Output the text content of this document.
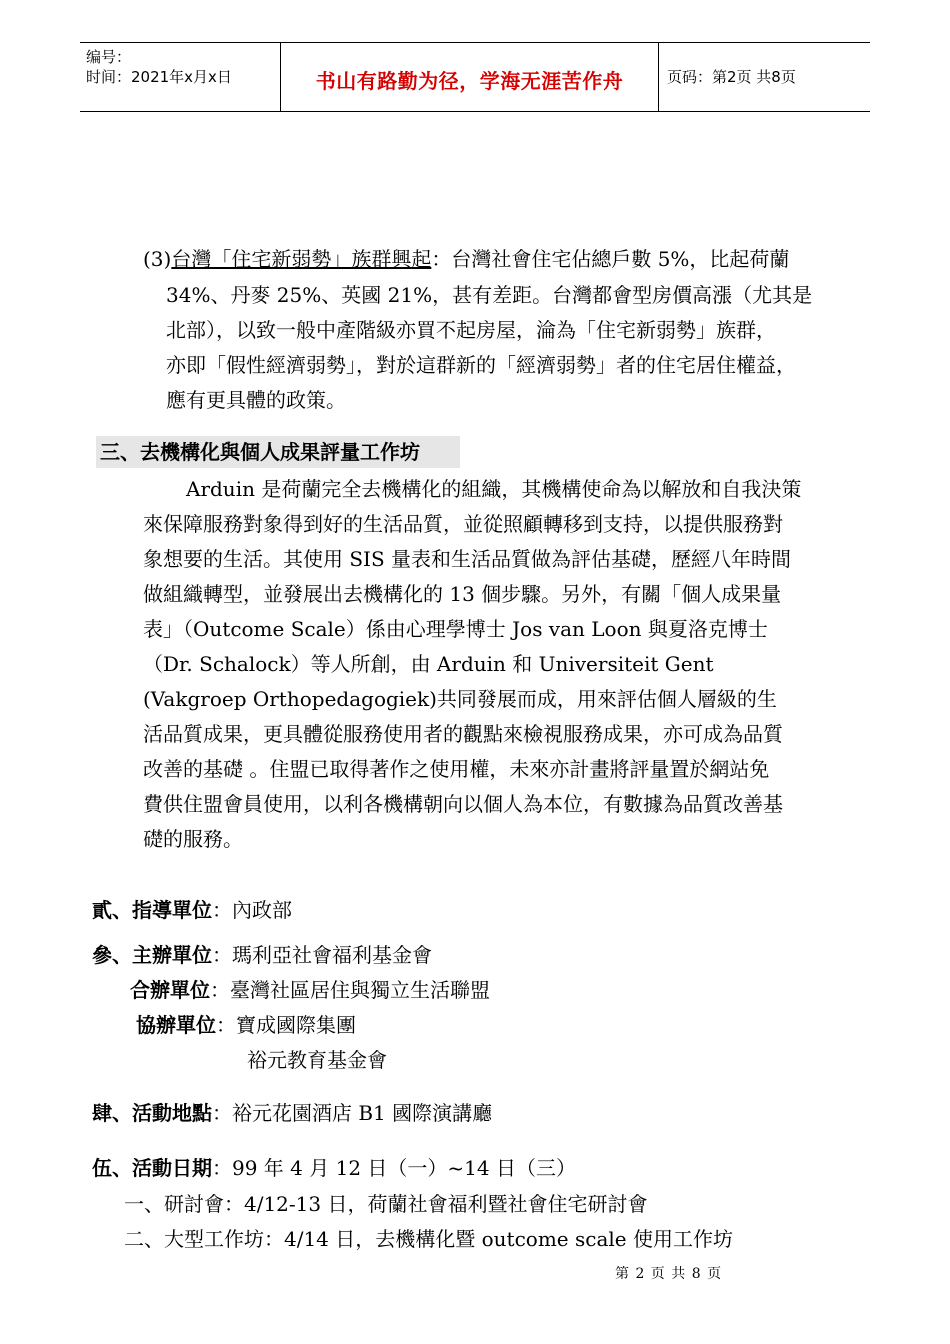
编号：
时间：2021年x月x日	书山有路勤为径，学海无涯苦作舟	页码：第2页 共8页
(3)台灣「住宅新弱勢」族群興起：台灣社會住宅佔總戶數 5%，比起荷蘭
34%、丹麥 25%、英國 21%，甚有差距。台灣都會型房價高漲（尤其是
北部），以致一般中產階級亦買不起房屋，淪為「住宅新弱勢」族群，
亦即「假性經濟弱勢」，對於這群新的「經濟弱勢」者的住宅居住權益，
應有更具體的政策。
三、去機構化與個人成果評量工作坊
Arduin 是荷蘭完全去機構化的組織，其機構使命為以解放和自我決策
來保障服務對象得到好的生活品質，並從照顧轉移到支持，以提供服務對
象想要的生活。其使用 SIS 量表和生活品質做為評估基礎，歷經八年時間
做組織轉型，並發展出去機構化的 13 個步驟。另外，有關「個人成果量
表」（Outcome Scale）係由心理學博士 Jos van Loon 與夏洛克博士
（Dr. Schalock）等人所創，由 Arduin 和 Universiteit Gent
(Vakgroep Orthopedagogiek)共同發展而成，用來評估個人層級的生
活品質成果，更具體從服務使用者的觀點來檢視服務成果，亦可成為品質
改善的基礎 。住盟已取得著作之使用權，未來亦計畫將評量置於網站免
費供住盟會員使用，以利各機構朝向以個人為本位，有數據為品質改善基
礎的服務。
貳、指導單位：內政部
參、主辦單位：瑪利亞社會福利基金會
合辦單位：臺灣社區居住與獨立生活聯盟
協辦單位：寶成國際集團
裕元教育基金會
肆、活動地點：裕元花園酒店 B1 國際演講廳
伍、活動日期：99 年 4 月 12 日（一）~14 日（三）
一、研討會：4/12-13 日，荷蘭社會福利暨社會住宅研討會
二、大型工作坊：4/14 日，去機構化暨 outcome scale 使用工作坊
第 2 页 共 8 页
